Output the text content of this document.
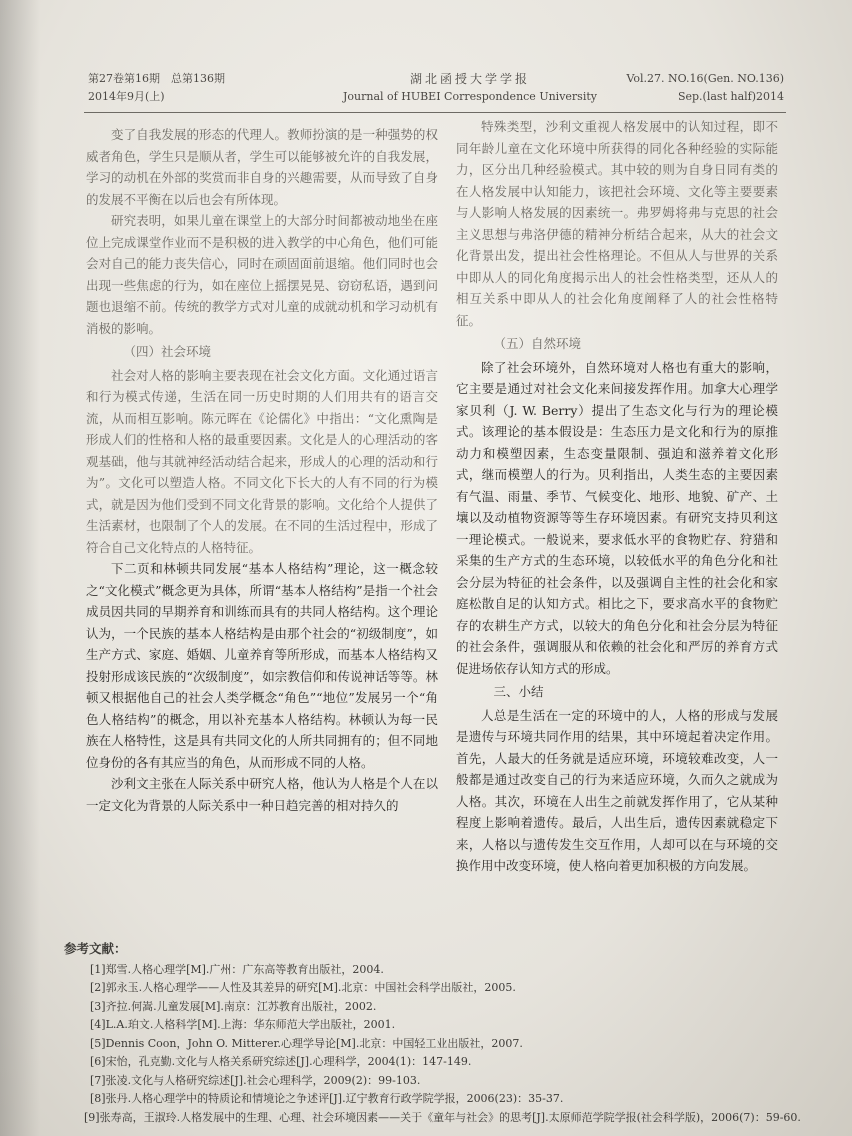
第27卷第16期　总第136期
2014年9月(上)
湖北函授大学学报
Journal of HUBEI Correspondence University
Vol.27. NO.16(Gen. NO.136)
Sep.(last half)2014

变了自我发展的形态的代理人。教师扮演的是一种强势的权威者角色，学生只是顺从者，学生可以能够被允许的自我发展，学习的动机在外部的奖赏而非自身的兴趣需要，从而导致了自身的发展不平衡在以后也会有所体现。

研究表明，如果儿童在课堂上的大部分时间都被动地坐在座位上完成课堂作业而不是积极的进入教学的中心角色，他们可能会对自己的能力丧失信心，同时在顽固面前退缩。他们同时也会出现一些焦虑的行为，如在座位上摇摆晃晃、窃窃私语，遇到问题也退缩不前。传统的教学方式对儿童的成就动机和学习动机有消极的影响。

（四）社会环境

社会对人格的影响主要表现在社会文化方面。文化通过语言和行为模式传递，生活在同一历史时期的人们用共有的语言交流，从而相互影响。陈元晖在《论儒化》中指出：“文化熏陶是形成人们的性格和人格的最重要因素。文化是人的心理活动的客观基础，他与其就神经活动结合起来，形成人的心理的活动和行为”。文化可以塑造人格。不同文化下长大的人有不同的行为模式，就是因为他们受到不同文化背景的影响。文化给个人提供了生活素材，也限制了个人的发展。在不同的生活过程中，形成了符合自己文化特点的人格特征。

下二页和林顿共同发展“基本人格结构”理论，这一概念较之“文化模式”概念更为具体，所谓“基本人格结构”是指一个社会成员因共同的早期养育和训练而具有的共同人格结构。这个理论认为，一个民族的基本人格结构是由那个社会的“初级制度”，如生产方式、家庭、婚姻、儿童养育等所形成，而基本人格结构又投射形成该民族的“次级制度”，如宗教信仰和传说神话等等。林顿又根据他自己的社会人类学概念“角色”“地位”发展另一个“角色人格结构”的概念，用以补充基本人格结构。林顿认为每一民族在人格特性，这是具有共同文化的人所共同拥有的；但不同地位身份的各有其应当的角色，从而形成不同的人格。

沙利文主张在人际关系中研究人格，他认为人格是个人在以一定文化为背景的人际关系中一种日趋完善的相对持久的

特殊类型，沙利文重视人格发展中的认知过程，即不同年龄儿童在文化环境中所获得的同化各种经验的实际能力，区分出几种经验模式。其中较的则为自身日同有类的在人格发展中认知能力，该把社会环境、文化等主要要素与人影响人格发展的因素统一。弗罗姆将弗与克思的社会主义思想与弗洛伊德的精神分析结合起来，从大的社会文化背景出发，提出社会性格理论。不但从人与世界的关系中即从人的同化角度揭示出人的社会性格类型，还从人的相互关系中即从人的社会化角度阐释了人的社会性格特征。

（五）自然环境

除了社会环境外，自然环境对人格也有重大的影响，它主要是通过对社会文化来间接发挥作用。加拿大心理学家贝利（J. W. Berry）提出了生态文化与行为的理论模式。该理论的基本假设是：生态压力是文化和行为的原推动力和模塑因素，生态变量限制、强迫和滋养着文化形式，继而模塑人的行为。贝利指出，人类生态的主要因素有气温、雨量、季节、气候变化、地形、地貌、矿产、土壤以及动植物资源等等生存环境因素。有研究支持贝利这一理论模式。一般说来，要求低水平的食物贮存、狩猎和采集的生产方式的生态环境，以较低水平的角色分化和社会分层为特征的社会条件，以及强调自主性的社会化和家庭松散自足的认知方式。相比之下，要求高水平的食物贮存的农耕生产方式，以较大的角色分化和社会分层为特征的社会条件，强调服从和依赖的社会化和严厉的养育方式促进场依存认知方式的形成。

三、小结

人总是生活在一定的环境中的人，人格的形成与发展是遗传与环境共同作用的结果，其中环境起着决定作用。首先，人最大的任务就是适应环境，环境较难改变，人一般都是通过改变自己的行为来适应环境，久而久之就成为人格。其次，环境在人出生之前就发挥作用了，它从某种程度上影响着遗传。最后，人出生后，遗传因素就稳定下来，人格以与遗传发生交互作用，人却可以在与环境的交换作用中改变环境，使人格向着更加积极的方向发展。

参考文献：
[1]郑雪.人格心理学[M].广州：广东高等教育出版社，2004.
[2]郭永玉.人格心理学——人性及其差异的研究[M].北京：中国社会科学出版社，2005.
[3]齐拉.何嵩.儿童发展[M].南京：江苏教育出版社，2002.
[4]L.A.珀文.人格科学[M].上海：华东师范大学出版社，2001.
[5]Dennis Coon，John O. Mitterer.心理学导论[M].北京：中国轻工业出版社，2007.
[6]宋怡，孔克勤.文化与人格关系研究综述[J].心理科学，2004(1)：147-149.
[7]张凌.文化与人格研究综述[J].社会心理科学，2009(2)：99-103.
[8]张丹.人格心理学中的特质论和情境论之争述评[J].辽宁教育行政学院学报，2006(23)：35-37.
[9]张寿高，王淑玲.人格发展中的生理、心理、社会环境因素——关于《童年与社会》的思考[J].太原师范学院学报(社会科学版)，2006(7)：59-60.
